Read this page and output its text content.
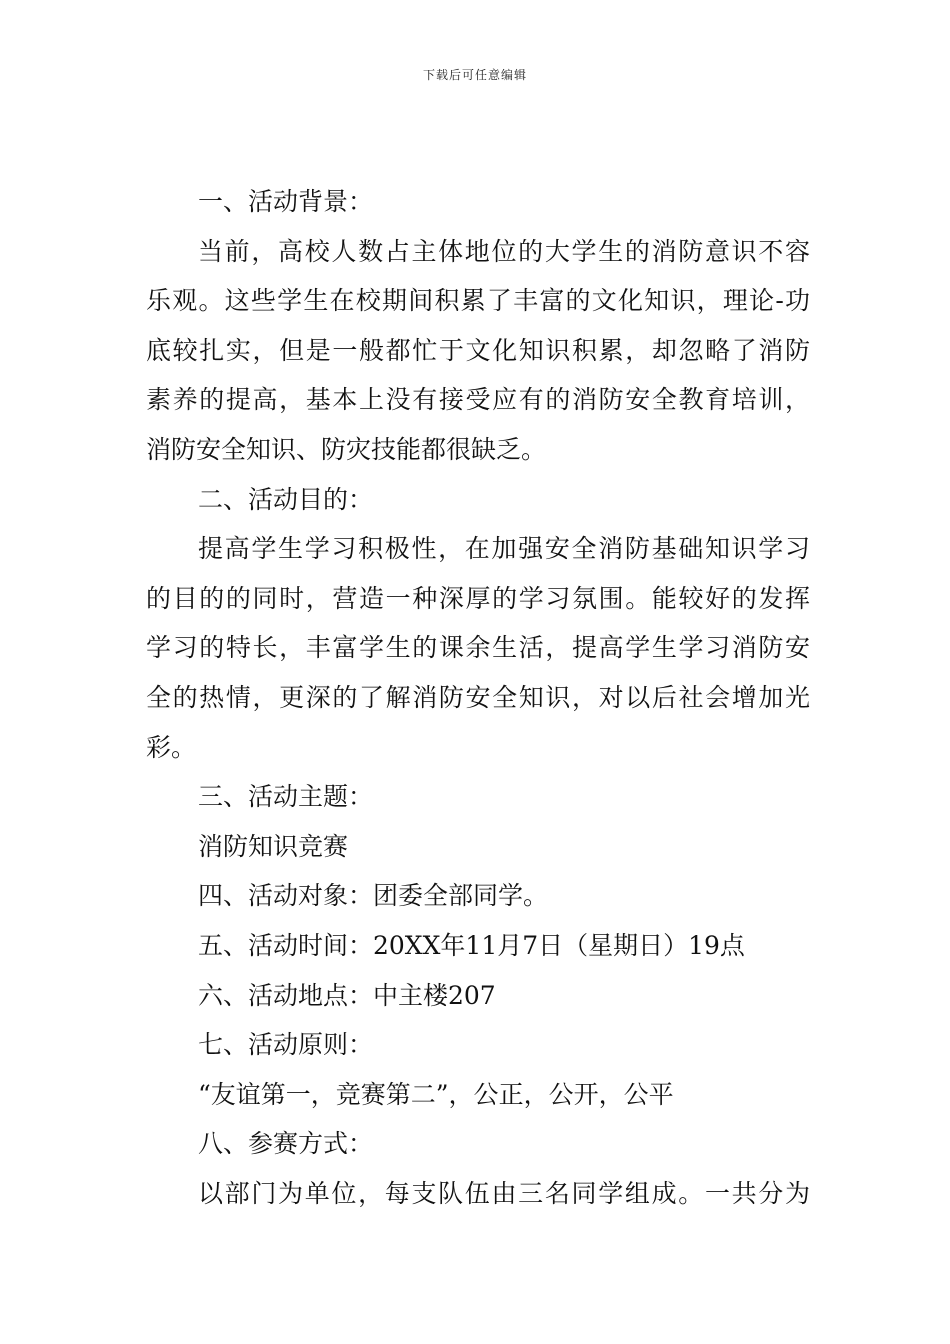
下载后可任意编辑
一、活动背景：
当前，高校人数占主体地位的大学生的消防意识不容
乐观。这些学生在校期间积累了丰富的文化知识，理论-功
底较扎实，但是一般都忙于文化知识积累，却忽略了消防
素养的提高，基本上没有接受应有的消防安全教育培训，
消防安全知识、防灾技能都很缺乏。
二、活动目的：
提高学生学习积极性，在加强安全消防基础知识学习
的目的的同时，营造一种深厚的学习氛围。能较好的发挥
学习的特长，丰富学生的课余生活，提高学生学习消防安
全的热情，更深的了解消防安全知识，对以后社会增加光
彩。
三、活动主题：
消防知识竞赛
四、活动对象：团委全部同学。
五、活动时间：20XX年11月7日（星期日）19点
六、活动地点：中主楼207
七、活动原则：
“友谊第一，竞赛第二”，公正，公开，公平
八、参赛方式：
以部门为单位，每支队伍由三名同学组成。一共分为
